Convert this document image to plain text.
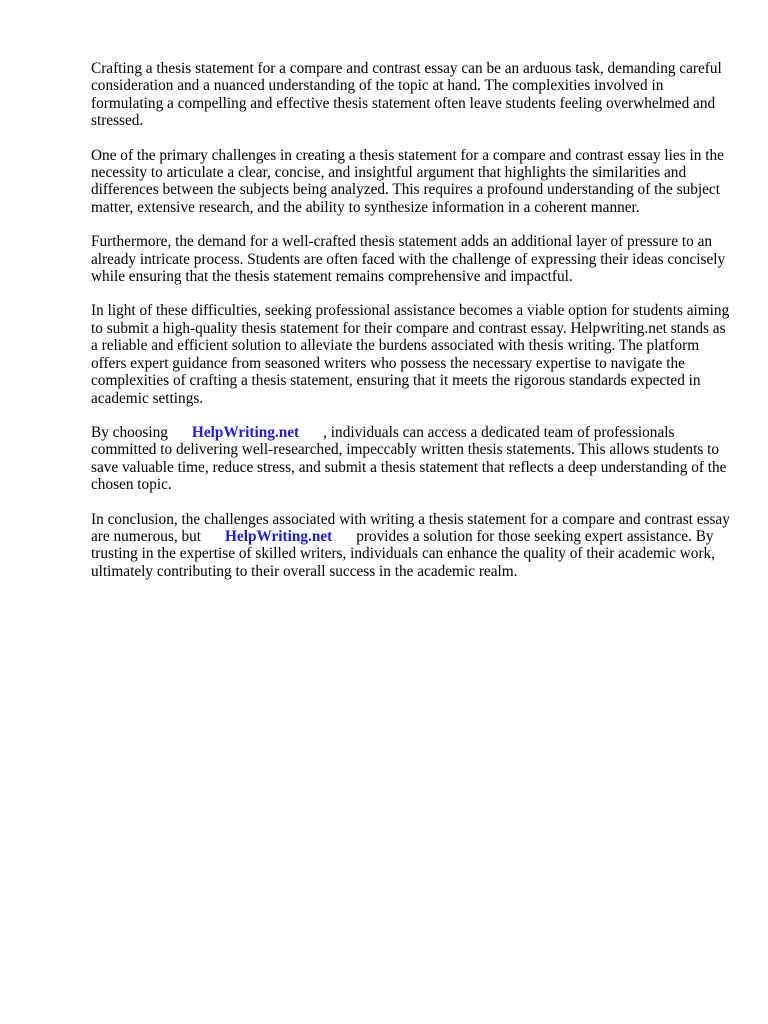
Crafting a thesis statement for a compare and contrast essay can be an arduous task, demanding careful consideration and a nuanced understanding of the topic at hand. The complexities involved in formulating a compelling and effective thesis statement often leave students feeling overwhelmed and stressed.

One of the primary challenges in creating a thesis statement for a compare and contrast essay lies in the necessity to articulate a clear, concise, and insightful argument that highlights the similarities and differences between the subjects being analyzed. This requires a profound understanding of the subject matter, extensive research, and the ability to synthesize information in a coherent manner.

Furthermore, the demand for a well-crafted thesis statement adds an additional layer of pressure to an already intricate process. Students are often faced with the challenge of expressing their ideas concisely while ensuring that the thesis statement remains comprehensive and impactful.

In light of these difficulties, seeking professional assistance becomes a viable option for students aiming to submit a high-quality thesis statement for their compare and contrast essay. Helpwriting.net stands as a reliable and efficient solution to alleviate the burdens associated with thesis writing. The platform offers expert guidance from seasoned writers who possess the necessary expertise to navigate the complexities of crafting a thesis statement, ensuring that it meets the rigorous standards expected in academic settings.

By choosing HelpWriting.net , individuals can access a dedicated team of professionals committed to delivering well-researched, impeccably written thesis statements. This allows students to save valuable time, reduce stress, and submit a thesis statement that reflects a deep understanding of the chosen topic.

In conclusion, the challenges associated with writing a thesis statement for a compare and contrast essay are numerous, but HelpWriting.net provides a solution for those seeking expert assistance. By trusting in the expertise of skilled writers, individuals can enhance the quality of their academic work, ultimately contributing to their overall success in the academic realm.
